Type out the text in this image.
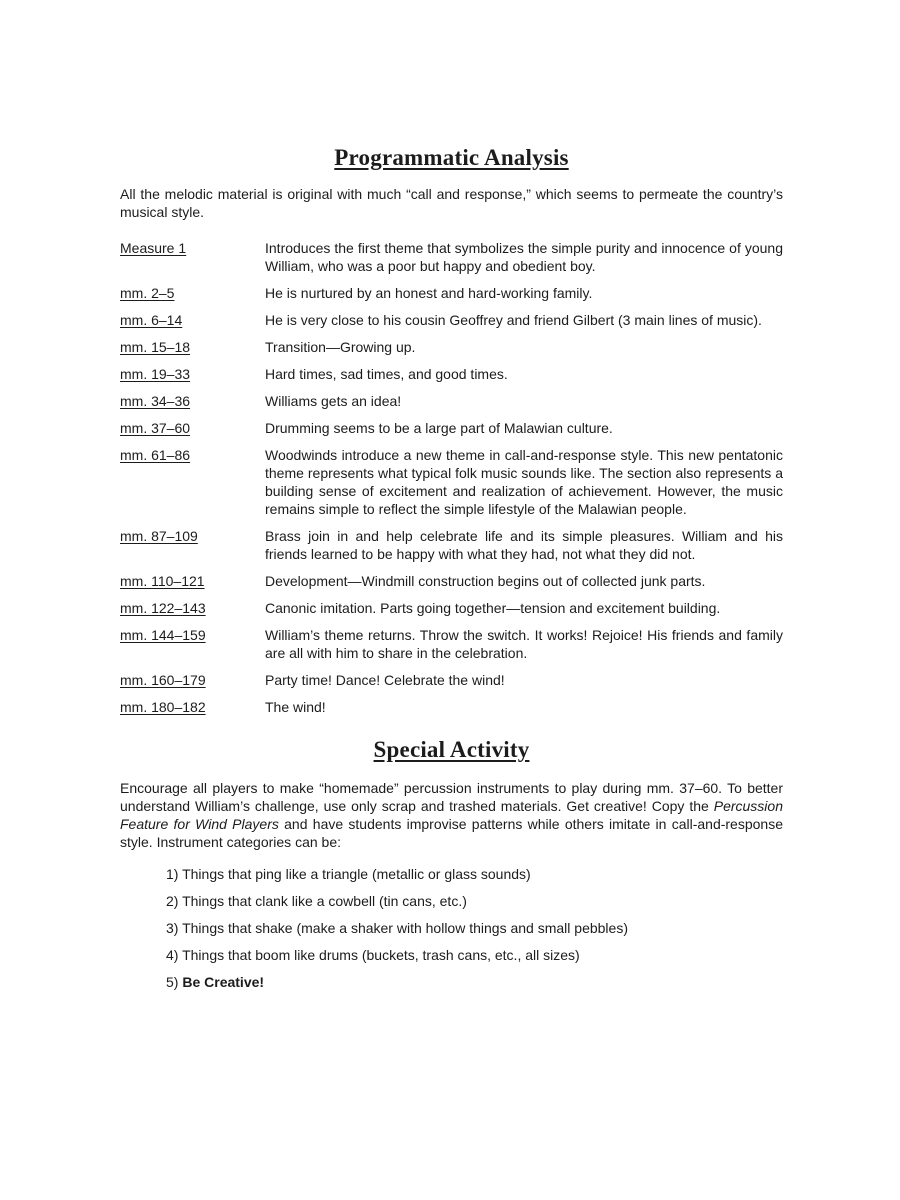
Programmatic Analysis

All the melodic material is original with much “call and response,” which seems to permeate the country’s musical style.

Measure 1	Introduces the first theme that symbolizes the simple purity and innocence of young William, who was a poor but happy and obedient boy.
mm. 2–5	He is nurtured by an honest and hard-working family.
mm. 6–14	He is very close to his cousin Geoffrey and friend Gilbert (3 main lines of music).
mm. 15–18	Transition—Growing up.
mm. 19–33	Hard times, sad times, and good times.
mm. 34–36	Williams gets an idea!
mm. 37–60	Drumming seems to be a large part of Malawian culture.
mm. 61–86	Woodwinds introduce a new theme in call-and-response style. This new pentatonic theme represents what typical folk music sounds like. The section also represents a building sense of excitement and realization of achievement. However, the music remains simple to reflect the simple lifestyle of the Malawian people.
mm. 87–109	Brass join in and help celebrate life and its simple pleasures. William and his friends learned to be happy with what they had, not what they did not.
mm. 110–121	Development—Windmill construction begins out of collected junk parts.
mm. 122–143	Canonic imitation. Parts going together—tension and excitement building.
mm. 144–159	William’s theme returns. Throw the switch. It works! Rejoice! His friends and family are all with him to share in the celebration.
mm. 160–179	Party time! Dance! Celebrate the wind!
mm. 180–182	The wind!
Special Activity

Encourage all players to make “homemade” percussion instruments to play during mm. 37–60. To better understand William’s challenge, use only scrap and trashed materials. Get creative! Copy the Percussion Feature for Wind Players and have students improvise patterns while others imitate in call-and-response style. Instrument categories can be:

1) Things that ping like a triangle (metallic or glass sounds)
2) Things that clank like a cowbell (tin cans, etc.)
3) Things that shake (make a shaker with hollow things and small pebbles)
4) Things that boom like drums (buckets, trash cans, etc., all sizes)
5) Be Creative!
